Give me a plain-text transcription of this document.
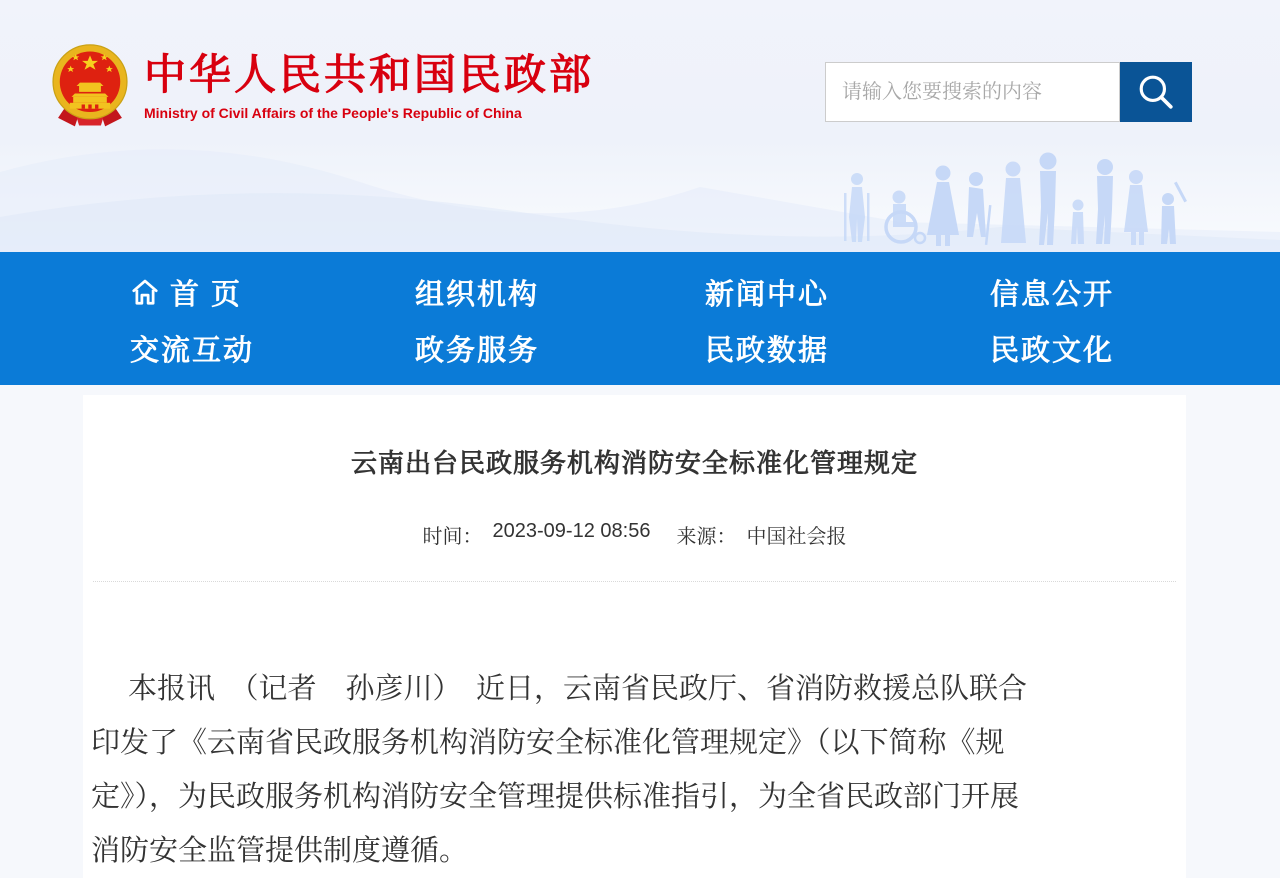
中华人民共和国民政部
Ministry of Civil Affairs of the People's Republic of China
请输入您要搜索的内容
首 页	组织机构	新闻中心	信息公开
交流互动	政务服务	民政数据	民政文化
云南出台民政服务机构消防安全标准化管理规定
时间： 2023-09-12 08:56 来源： 中国社会报
本报讯　（记者　孙彦川）　近日，云南省民政厅、省消防救援总队联合
印发了《云南省民政服务机构消防安全标准化管理规定》（以下简称《规
定》），为民政服务机构消防安全管理提供标准指引，为全省民政部门开展
消防安全监管提供制度遵循。
